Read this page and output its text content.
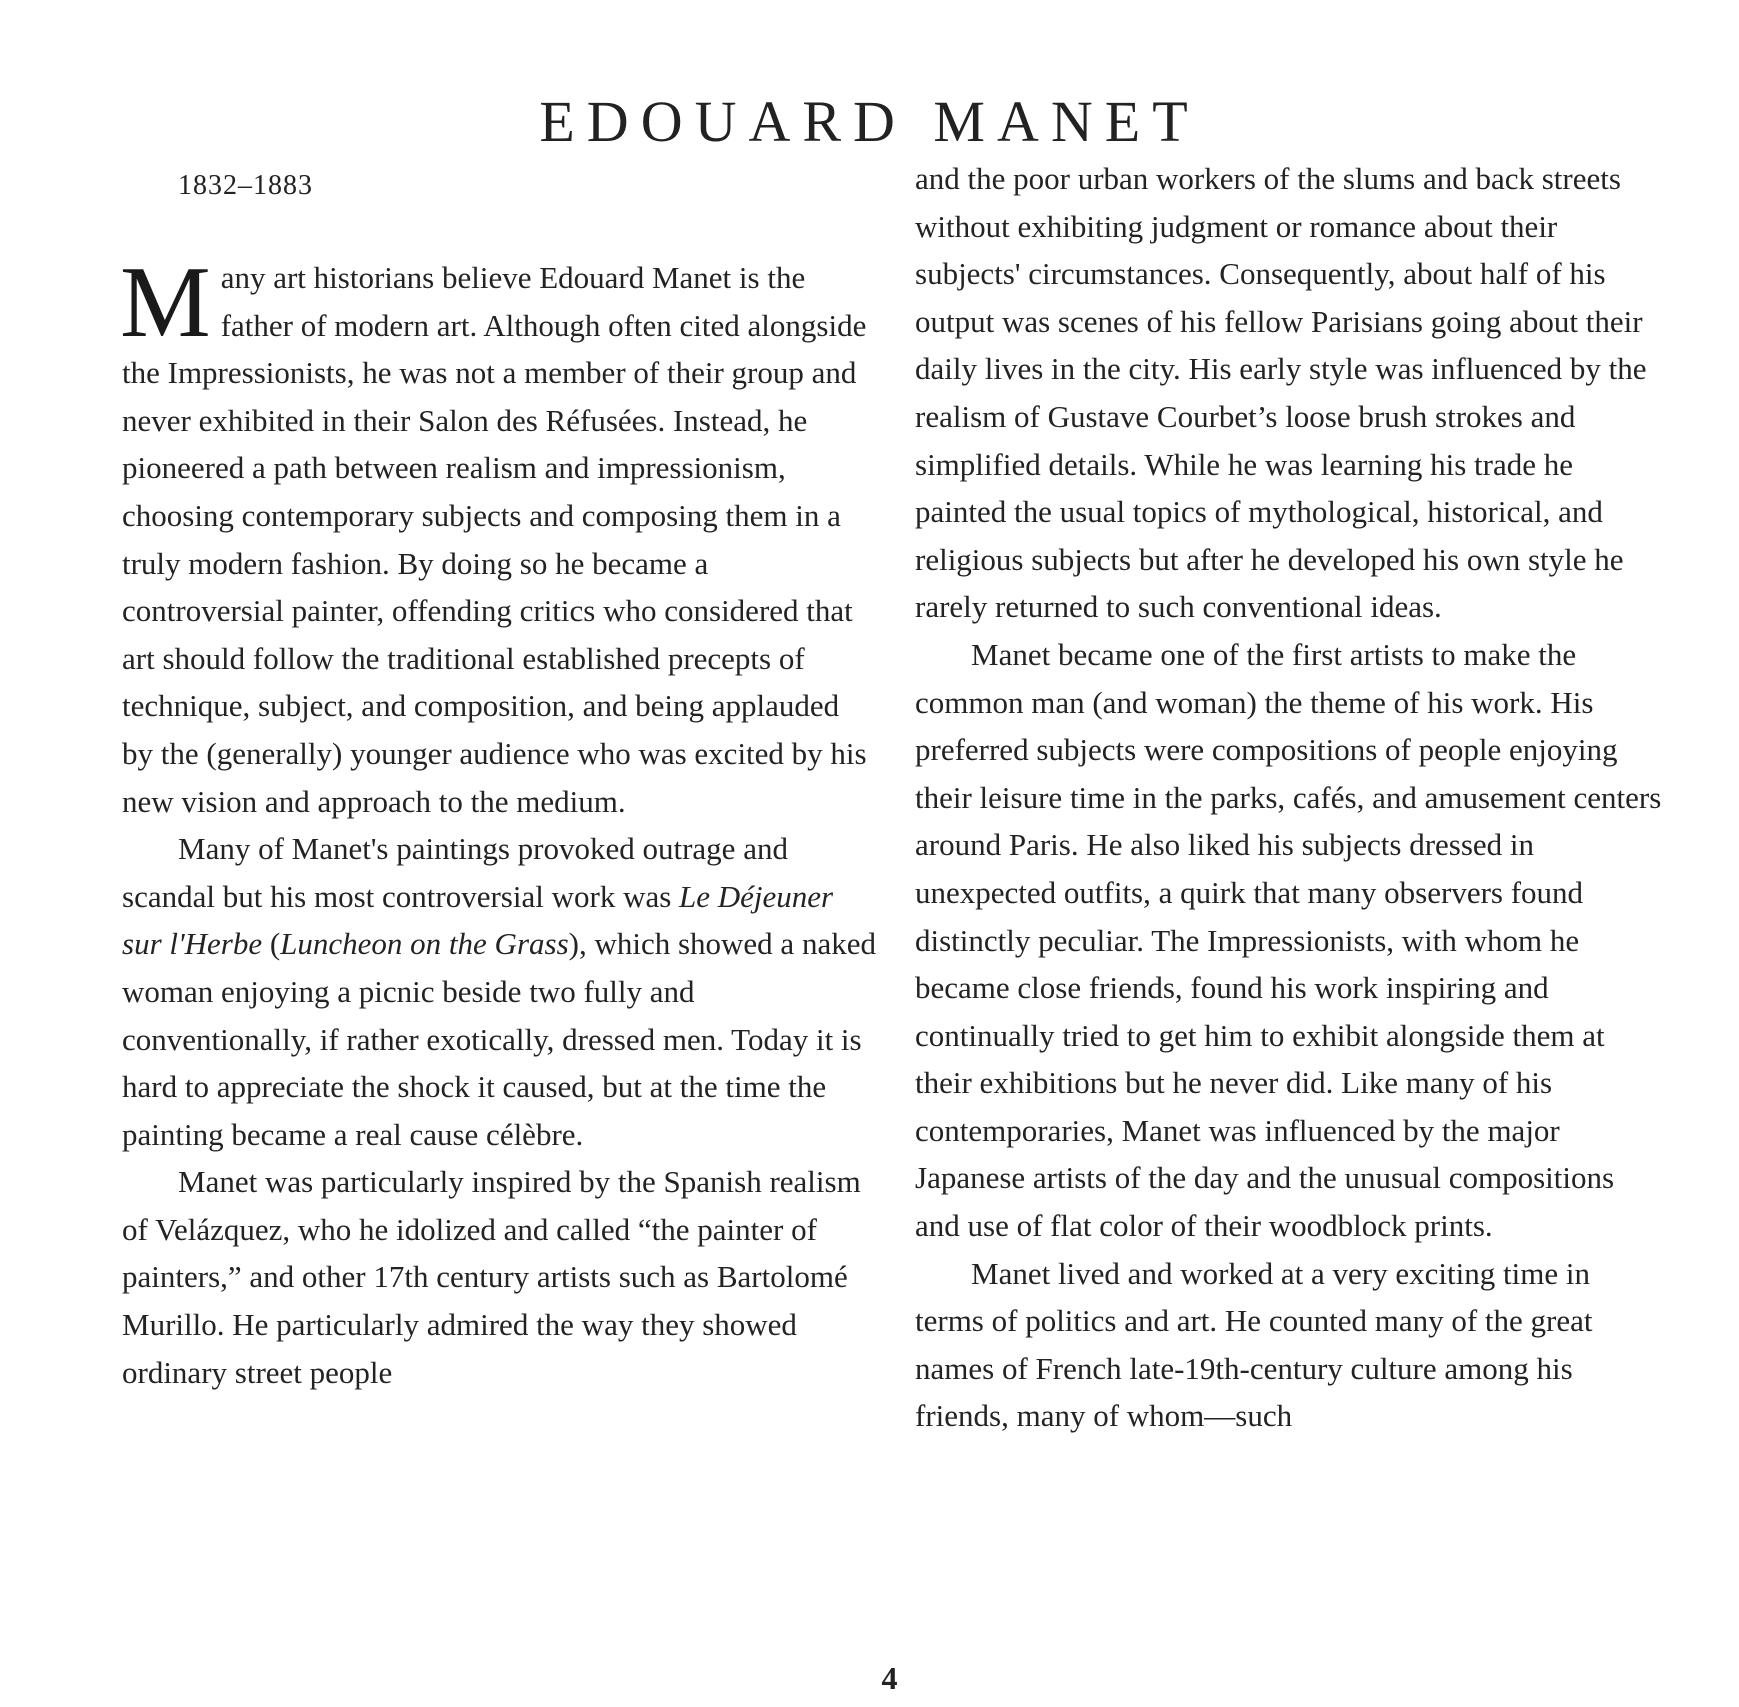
EDOUARD MANET
1832–1883

Many art historians believe Edouard Manet is the father of modern art. Although often cited alongside the Impressionists, he was not a member of their group and never exhibited in their Salon des Réfusées. Instead, he pioneered a path between realism and impressionism, choosing contemporary subjects and composing them in a truly modern fashion. By doing so he became a controversial painter, offending critics who considered that art should follow the traditional established precepts of technique, subject, and composition, and being applauded by the (generally) younger audience who was excited by his new vision and approach to the medium.

Many of Manet's paintings provoked outrage and scandal but his most controversial work was Le Déjeuner sur l'Herbe (Luncheon on the Grass), which showed a naked woman enjoying a picnic beside two fully and conventionally, if rather exotically, dressed men. Today it is hard to appreciate the shock it caused, but at the time the painting became a real cause célèbre.

Manet was particularly inspired by the Spanish realism of Velázquez, who he idolized and called “the painter of painters,” and other 17th century artists such as Bartolomé Murillo. He particularly admired the way they showed ordinary street people

and the poor urban workers of the slums and back streets without exhibiting judgment or romance about their subjects' circumstances. Consequently, about half of his output was scenes of his fellow Parisians going about their daily lives in the city. His early style was influenced by the realism of Gustave Courbet’s loose brush strokes and simplified details. While he was learning his trade he painted the usual topics of mythological, historical, and religious subjects but after he developed his own style he rarely returned to such conventional ideas.

Manet became one of the first artists to make the common man (and woman) the theme of his work. His preferred subjects were compositions of people enjoying their leisure time in the parks, cafés, and amusement centers around Paris. He also liked his subjects dressed in unexpected outfits, a quirk that many observers found distinctly peculiar. The Impressionists, with whom he became close friends, found his work inspiring and continually tried to get him to exhibit alongside them at their exhibitions but he never did. Like many of his contemporaries, Manet was influenced by the major Japanese artists of the day and the unusual compositions and use of flat color of their woodblock prints.

Manet lived and worked at a very exciting time in terms of politics and art. He counted many of the great names of French late-19th-century culture among his friends, many of whom—such

4
